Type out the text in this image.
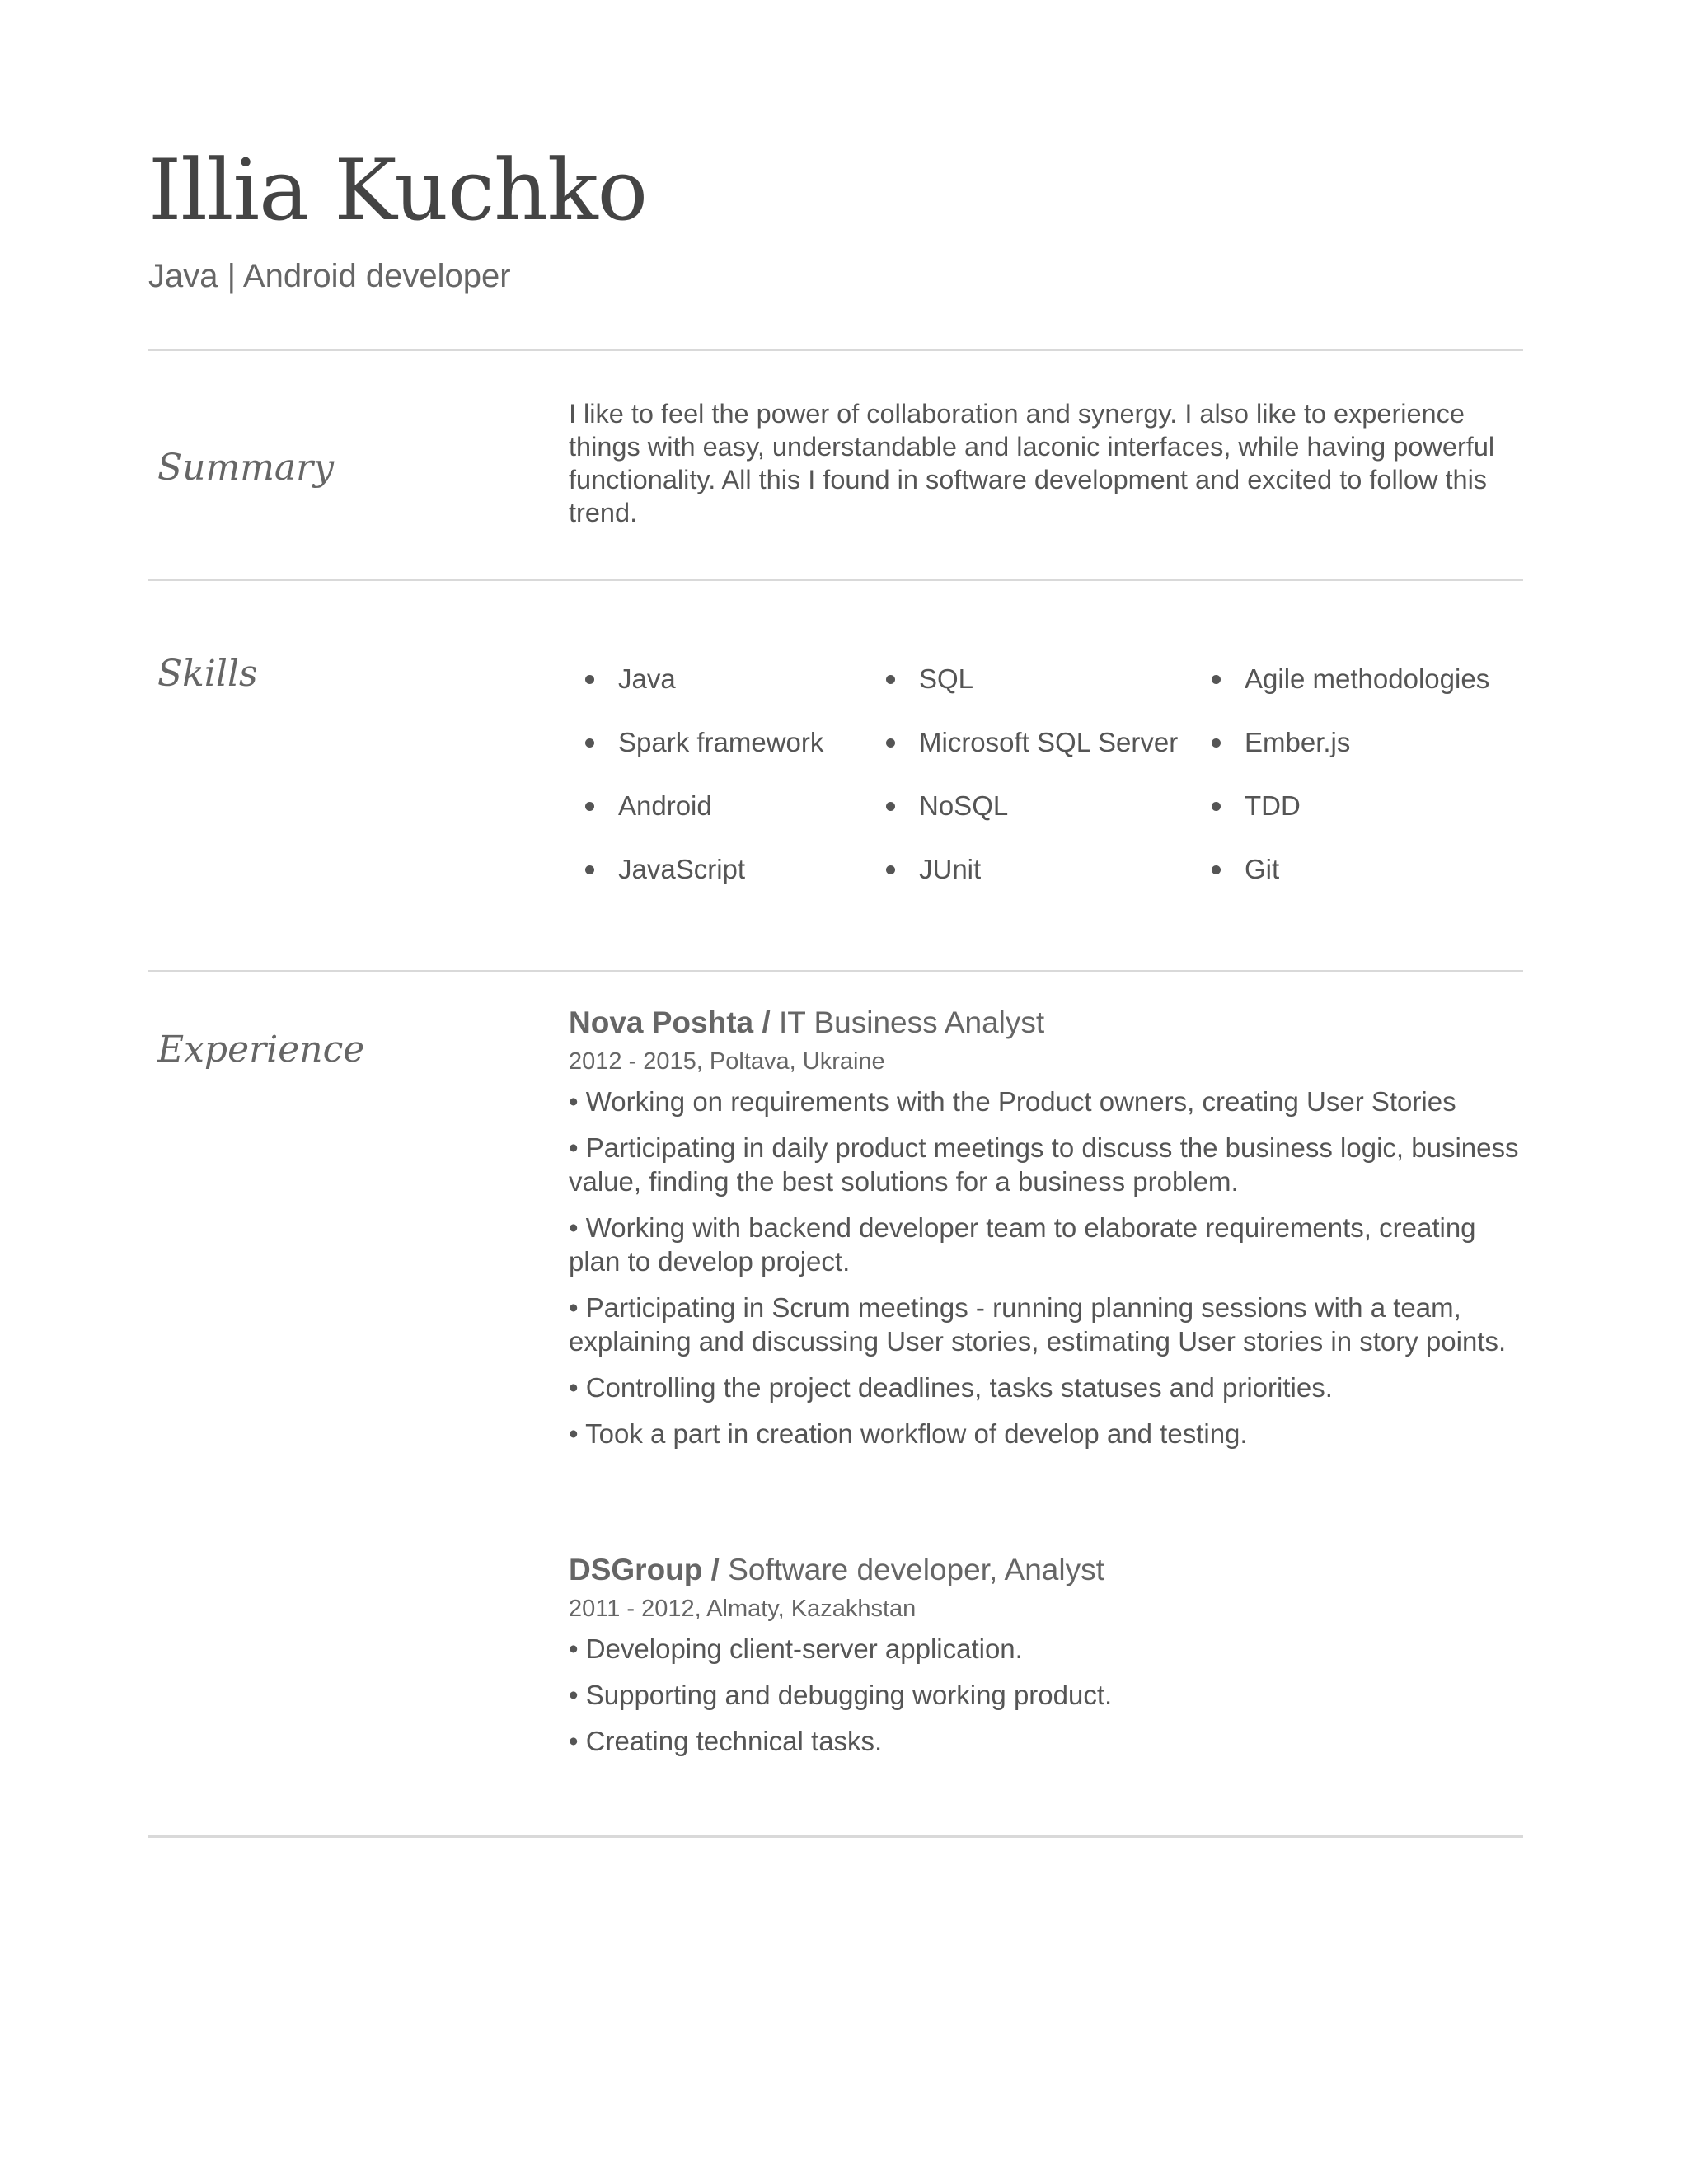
Illia Kuchko

Java | Android developer

Summary

I like to feel the power of collaboration and synergy. I also like to experience things with easy, understandable and laconic interfaces, while having powerful functionality. All this I found in software development and excited to follow this trend.

Skills	Java
Spark framework
Android
JavaScript
SQL
Microsoft SQL Server
NoSQL
JUnit
Agile methodologies
Ember.js
TDD
Git
Experience

Nova Poshta / IT Business Analyst

2012 - 2015, Poltava, Ukraine

• Working on requirements with the Product owners, creating User Stories

• Participating in daily product meetings to discuss the business logic, business value, finding the best solutions for a business problem.

• Working with backend developer team to elaborate requirements, creating plan to develop project.

• Participating in Scrum meetings - running planning sessions with a team, explaining and discussing User stories, estimating User stories in story points.

• Controlling the project deadlines, tasks statuses and priorities.

• Took a part in creation workflow of develop and testing.

DSGroup / Software developer, Analyst

2011 - 2012, Almaty, Kazakhstan

• Developing client-server application.

• Supporting and debugging working product.

• Creating technical tasks.
